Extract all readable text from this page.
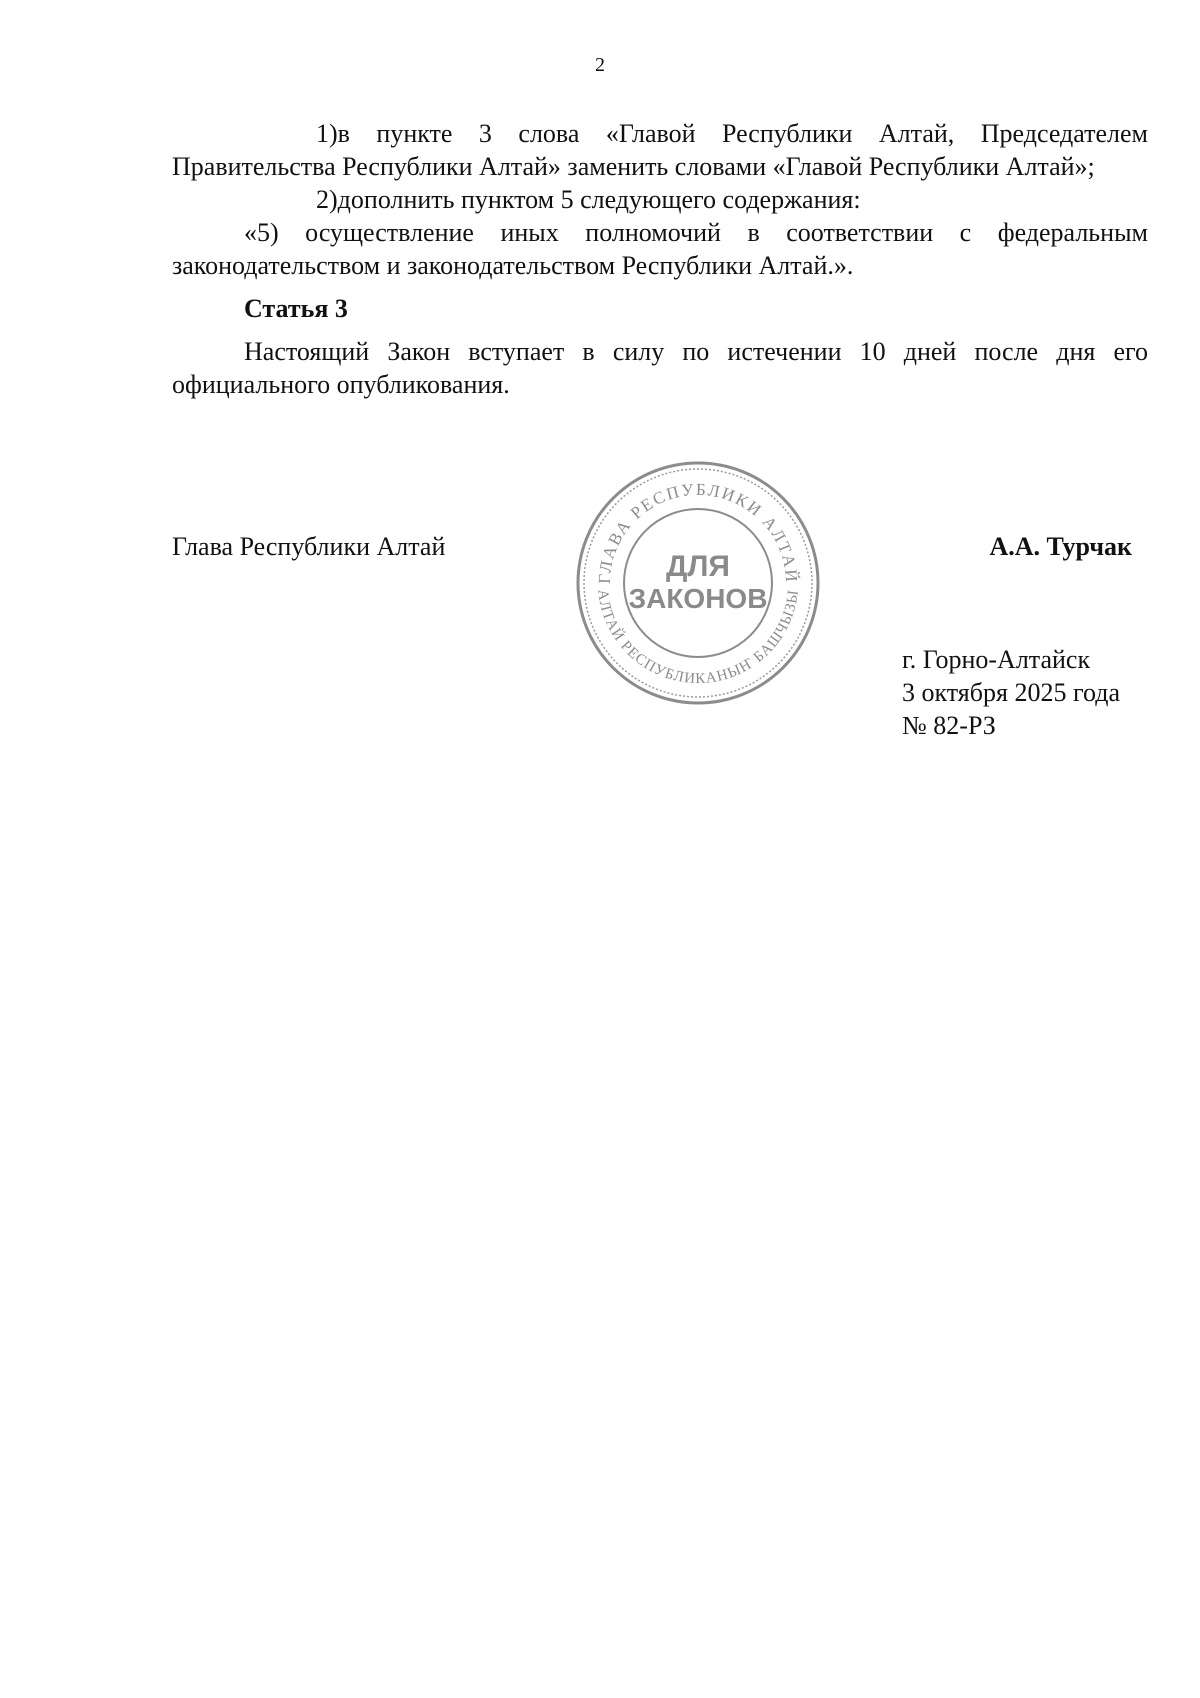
2

1)в пункте 3 слова «Главой Республики Алтай, Председателем Правительства Республики Алтай» заменить словами «Главой Республики Алтай»;

2)дополнить пунктом 5 следующего содержания:

«5) осуществление иных полномочий в соответствии с федеральным законодательством и законодательством Республики Алтай.».

Статья 3

Настоящий Закон вступает в силу по истечении 10 дней после дня его официального опубликования.

Глава Республики Алтай	А.А. Турчак
ГЛАВА РЕСПУБЛИКИ АЛТАЙ
АЛТАЙ РЕСПУБЛИКАНЫҤ БАШЧЫЗЫ
ДЛЯ
ЗАКОНОВ
г. Горно-Алтайск
3 октября 2025 года
№ 82-РЗ
